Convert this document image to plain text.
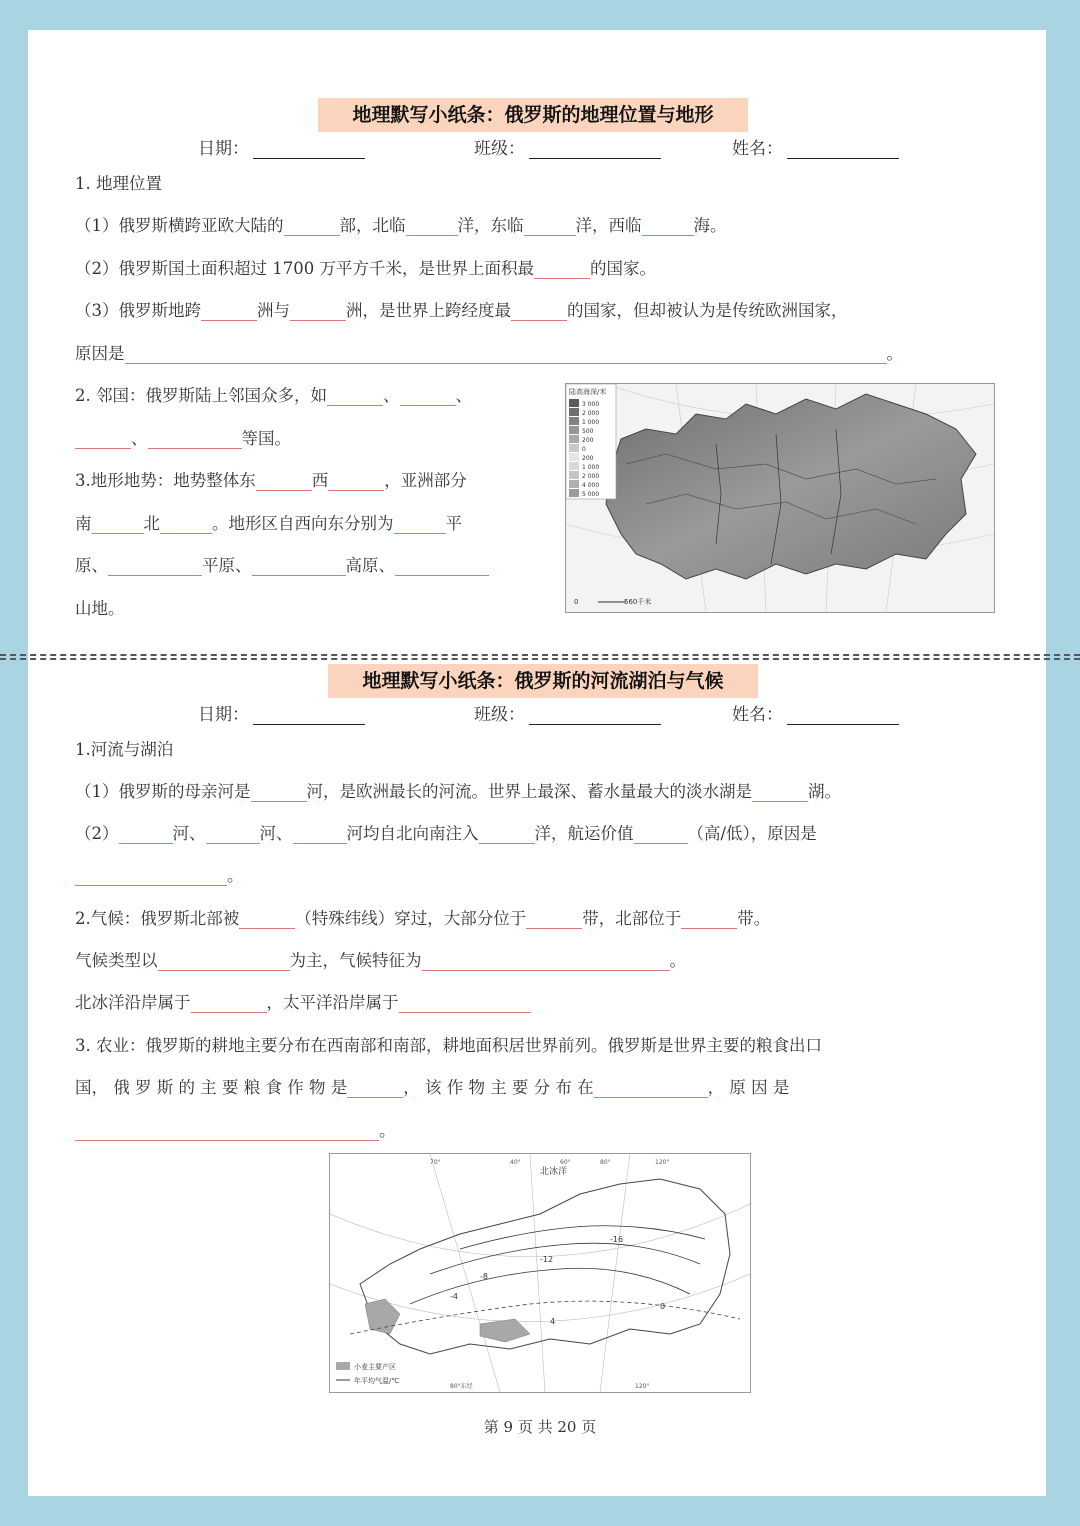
地理默写小纸条：俄罗斯的地理位置与地形
日期：	班级：	姓名：
1. 地理位置
（1）俄罗斯横跨亚欧大陆的	部，北临	洋，东临	洋，西临	海。
（2）俄罗斯国土面积超过 1700 万平方千米，是世界上面积最	的国家。
（3）俄罗斯地跨	洲与	洲，是世界上跨经度最	的国家，但却被认为是传统欧洲国家，
原因是	。
2. 邻国：俄罗斯陆上邻国众多，如	、	、
、	等国。
3.地形地势：地势整体东	西	，亚洲部分
南	北	。地形区自西向东分别为	平
原、	平原、	高原、
山地。
陆高海深/米
3 000
2 000
1 000
500
200
0
200
1 000
2 000
4 000
5 000
0	560千米
地理默写小纸条：俄罗斯的河流湖泊与气候
日期：	班级：	姓名：
1.河流与湖泊
（1）俄罗斯的母亲河是	河，是欧洲最长的河流。世界上最深、蓄水量最大的淡水湖是	湖。
（2）	河、	河、	河均自北向南注入	洋，航运价值	（高/低），原因是
。
2.气候：俄罗斯北部被	（特殊纬线）穿过，大部分位于	带，北部位于	带。
气候类型以	为主，气候特征为	。
北冰洋沿岸属于	，太平洋沿岸属于
3. 农业：俄罗斯的耕地主要分布在西南部和南部，耕地面积居世界前列。俄罗斯是世界主要的粮食出口
国， 俄 罗 斯 的 主 要 粮 食 作 物 是	， 该 作 物 主 要 分 布 在	， 原 因 是
。
-12
-16
-8
-4
4
0
北冰洋
40°	60°	80°	120°
70°
80°东经	120°
小麦主要产区
年平均气温/℃
第 9 页 共 20 页
